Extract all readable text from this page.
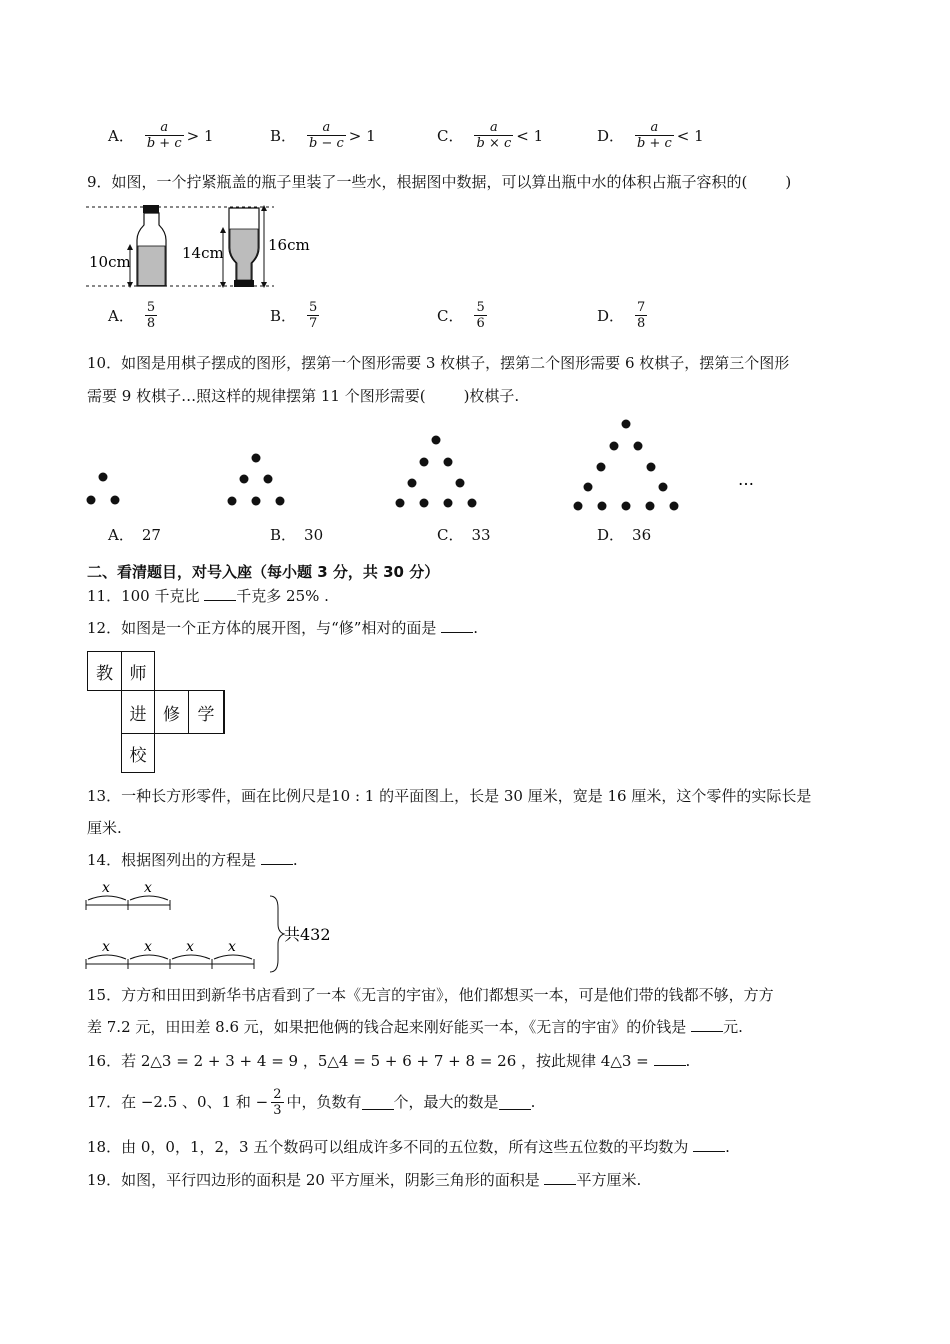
A． $\frac{a}{b + c} > 1$	B． $\frac{a}{b - c} > 1$	C． $\frac{a}{b \times c} < 1$	D． $\frac{a}{b + c} < 1$
9．如图，一个拧紧瓶盖的瓶子里装了一些水，根据图中数据，可以算出瓶中水的体积占瓶子容积的(	)
10cm	14cm	16cm
A． $\frac{5}{8}$	B． $\frac{5}{7}$	C． $\frac{5}{6}$	D． $\frac{7}{8}$
10．如图是用棋子摆成的图形，摆第一个图形需要 3 枚棋子，摆第二个图形需要 6 枚棋子，摆第三个图形
需要 9 枚棋子…照这样的规律摆第 11 个图形需要(	)枚棋子.
…
A． 27	B． 30	C． 33	D． 36
二、看清题目，对号入座（每小题 3 分，共 30 分）
11．100 千克比 千克多 25% .
12．如图是一个正方体的展开图，与“修”相对的面是 .
教 师
进 修	学
校
13．一种长方形零件，画在比例尺是10 : 1 的平面图上，长是 30 厘米，宽是 16 厘米，这个零件的实际长是
厘米.
14．根据图列出的方程是 .
x x
x x x x
共432
15．方方和田田到新华书店看到了一本《无言的宇宙》，他们都想买一本，可是他们带的钱都不够，方方
差 7.2 元，田田差 8.6 元，如果把他俩的钱合起来刚好能买一本，《无言的宇宙》的价钱是 元.
16．若 2△3 = 2 + 3 + 4 = 9 ，5△4 = 5 + 6 + 7 + 8 = 26 ，按此规律 4△3 = .
17．在 −2.5 、0、1 和 − $\frac{2}{3}$ 中，负数有 个，最大的数是 .
18．由 0，0，1，2，3 五个数码可以组成许多不同的五位数，所有这些五位数的平均数为 .
19．如图，平行四边形的面积是 20 平方厘米，阴影三角形的面积是 平方厘米.
